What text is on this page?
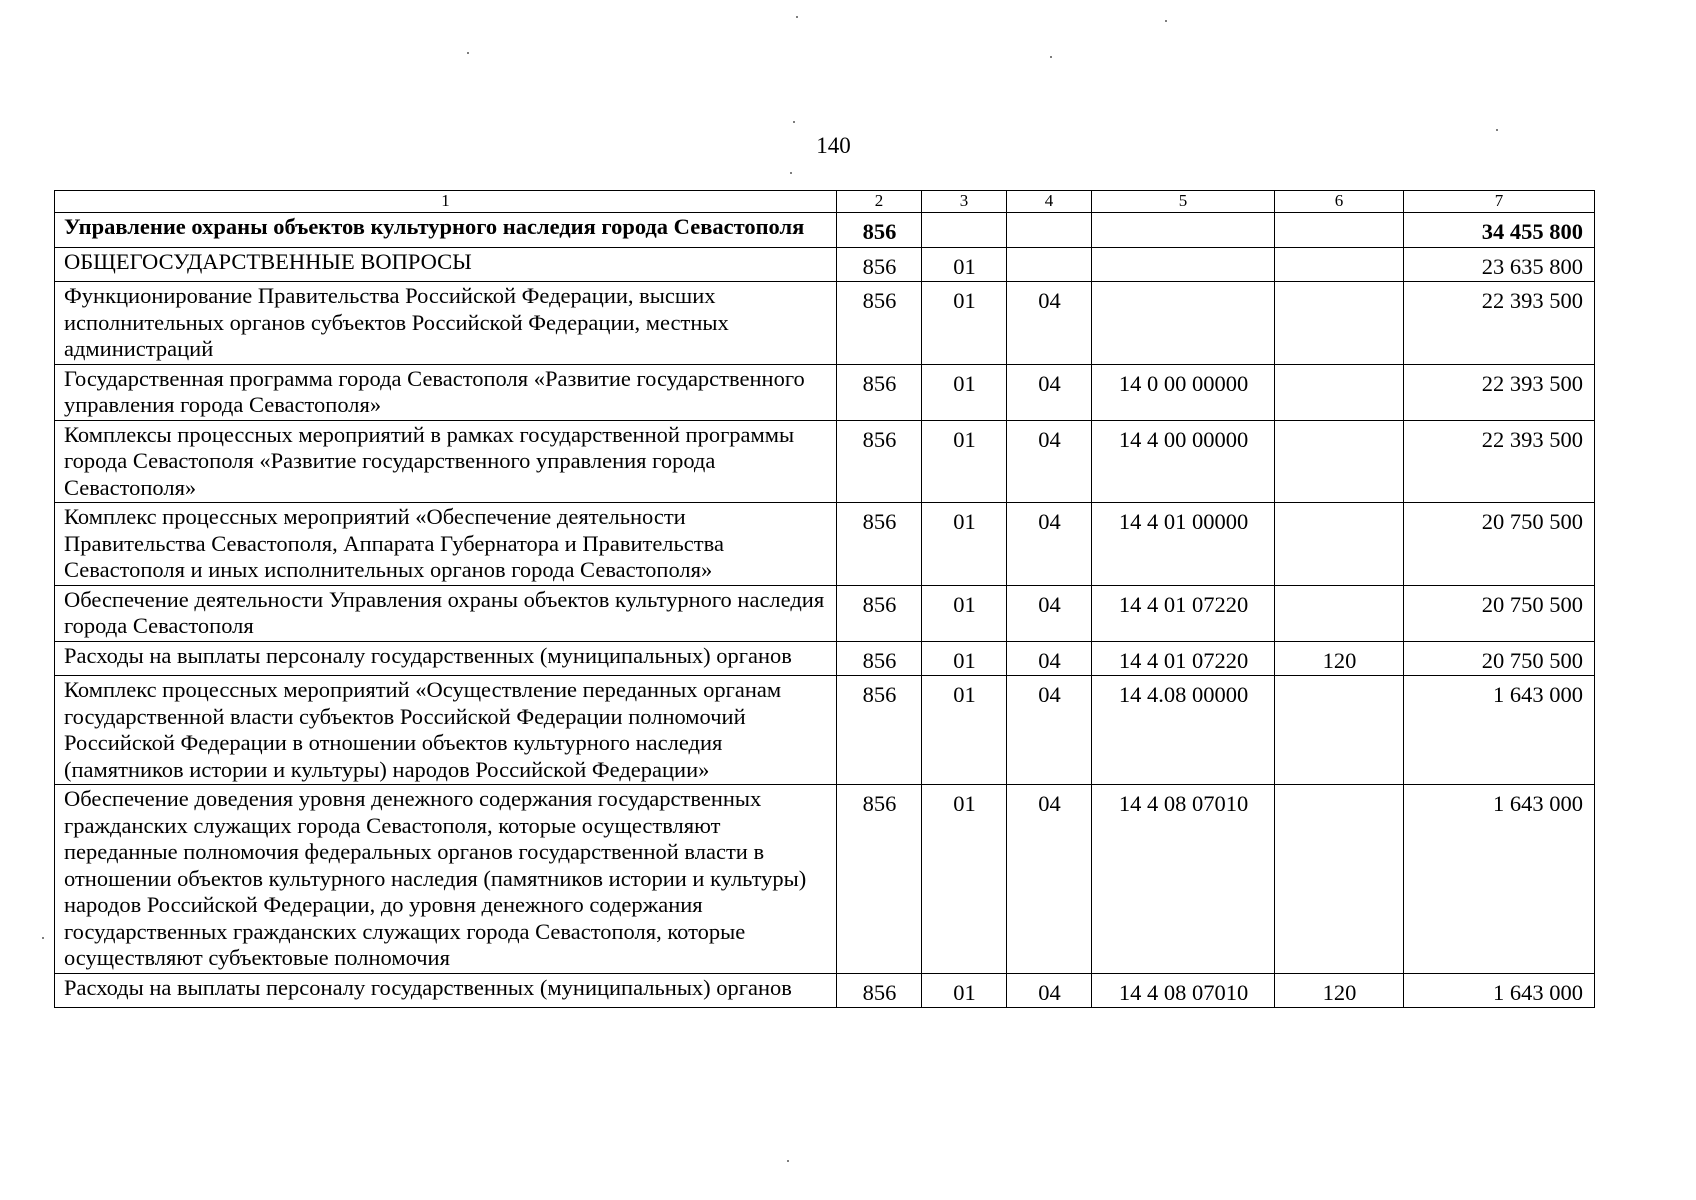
140
1	2	3	4	5	6	7
Управление охраны объектов культурного наследия города Севастополя	856					34 455 800
ОБЩЕГОСУДАРСТВЕННЫЕ ВОПРОСЫ	856	01				23 635 800
Функционирование Правительства Российской Федерации, высших исполнительных органов субъектов Российской Федерации, местных администраций	856	01	04			22 393 500
Государственная программа города Севастополя «Развитие государственного управления города Севастополя»	856	01	04	14 0 00 00000		22 393 500
Комплексы процессных мероприятий в рамках государственной программы города Севастополя «Развитие государственного управления города Севастополя»	856	01	04	14 4 00 00000		22 393 500
Комплекс процессных мероприятий «Обеспечение деятельности Правительства Севастополя, Аппарата Губернатора и Правительства Севастополя и иных исполнительных органов города Севастополя»	856	01	04	14 4 01 00000		20 750 500
Обеспечение деятельности Управления охраны объектов культурного наследия города Севастополя	856	01	04	14 4 01 07220		20 750 500
Расходы на выплаты персоналу государственных (муниципальных) органов	856	01	04	14 4 01 07220	120	20 750 500
Комплекс процессных мероприятий «Осуществление переданных органам государственной власти субъектов Российской Федерации полномочий Российской Федерации в отношении объектов культурного наследия (памятников истории и культуры) народов Российской Федерации»	856	01	04	14 4.08 00000		1 643 000
Обеспечение доведения уровня денежного содержания государственных гражданских служащих города Севастополя, которые осуществляют переданные полномочия федеральных органов государственной власти в отношении объектов культурного наследия (памятников истории и культуры) народов Российской Федерации, до уровня денежного содержания государственных гражданских служащих города Севастополя, которые осуществляют субъектовые полномочия	856	01	04	14 4 08 07010		1 643 000
Расходы на выплаты персоналу государственных (муниципальных) органов	856	01	04	14 4 08 07010	120	1 643 000
